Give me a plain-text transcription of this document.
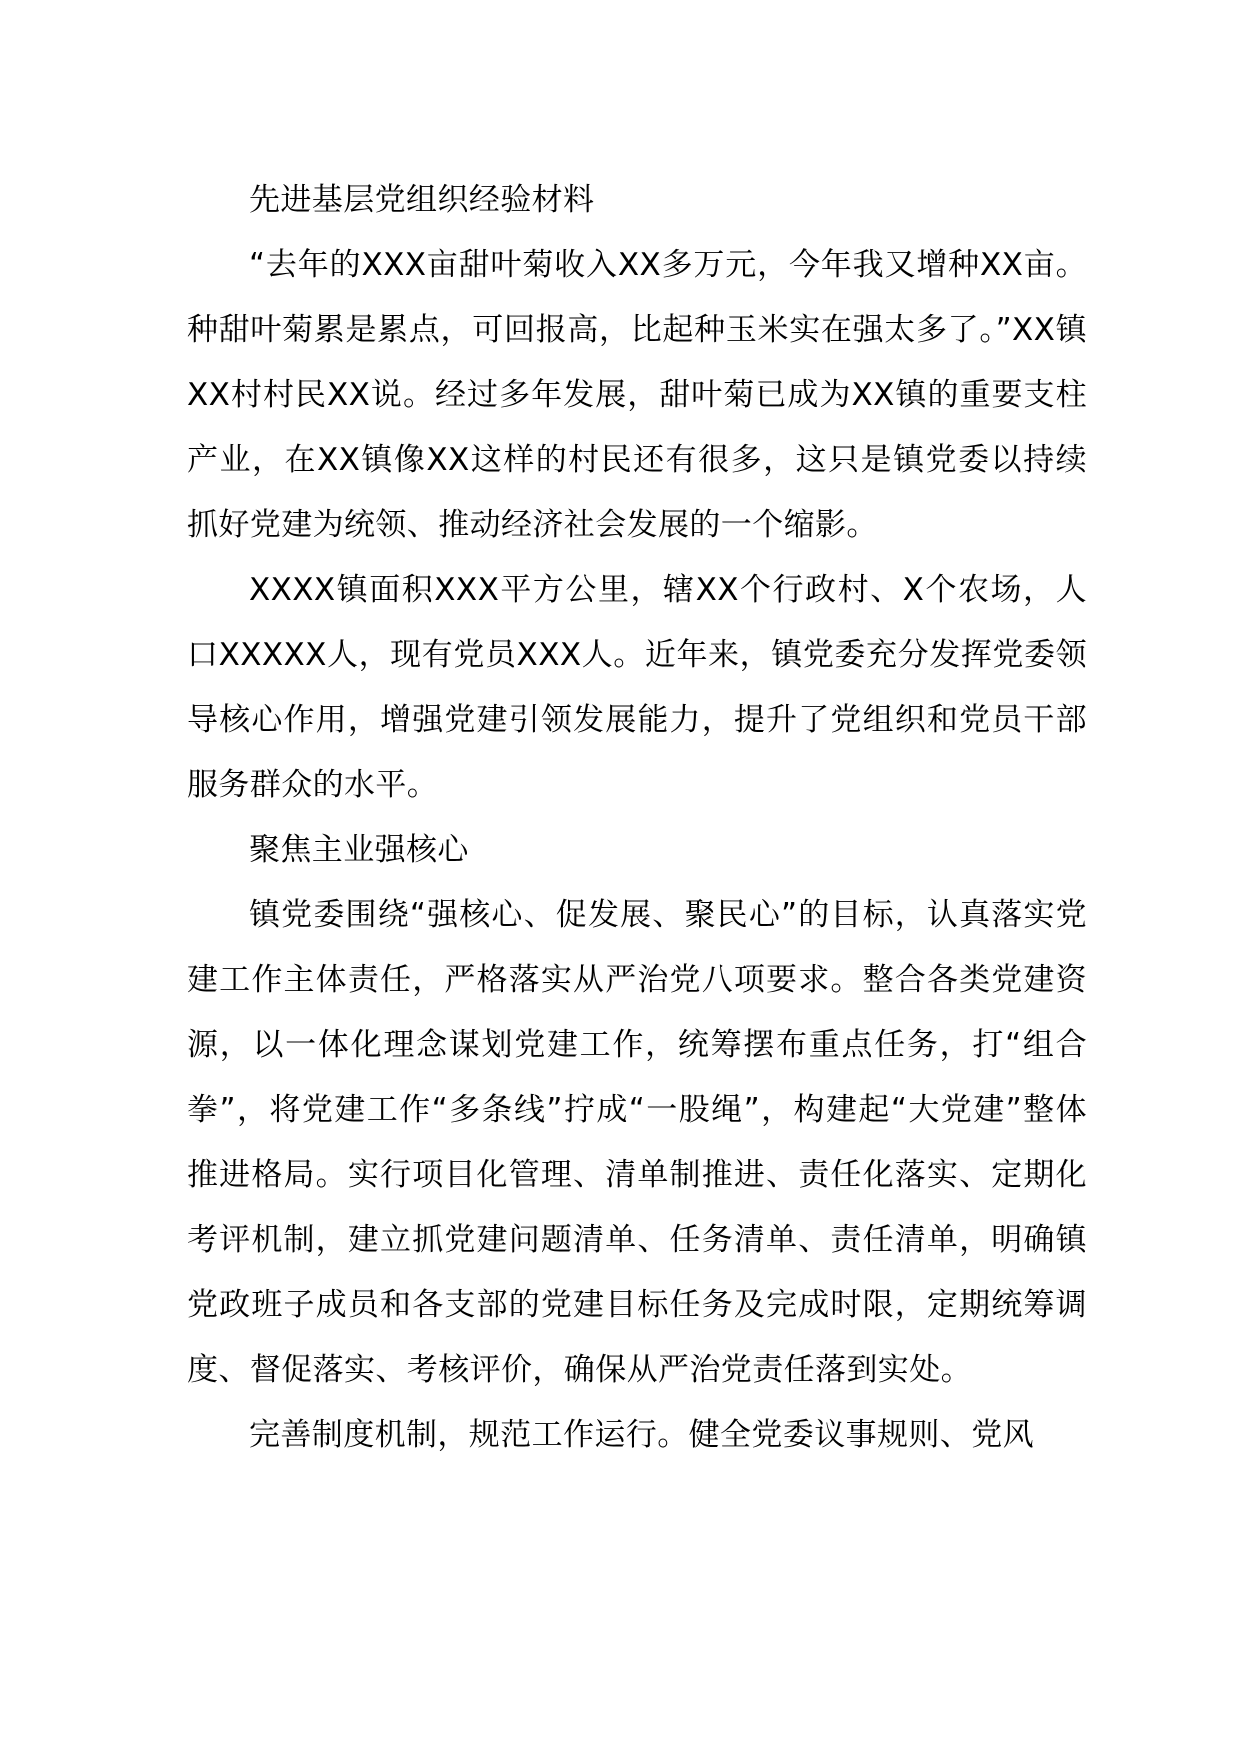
先进基层党组织经验材料

“去年的XXX亩甜叶菊收入XX多万元，今年我又增种XX亩。种甜叶菊累是累点，可回报高，比起种玉米实在强太多了。”XX镇XX村村民XX说。经过多年发展，甜叶菊已成为XX镇的重要支柱产业，在XX镇像XX这样的村民还有很多，这只是镇党委以持续抓好党建为统领、推动经济社会发展的一个缩影。

XXXX镇面积XXX平方公里，辖XX个行政村、X个农场，人口XXXXX人，现有党员XXX人。近年来，镇党委充分发挥党委领导核心作用，增强党建引领发展能力，提升了党组织和党员干部服务群众的水平。

聚焦主业强核心

镇党委围绕“强核心、促发展、聚民心”的目标，认真落实党建工作主体责任，严格落实从严治党八项要求。整合各类党建资源，以一体化理念谋划党建工作，统筹摆布重点任务，打“组合拳”，将党建工作“多条线”拧成“一股绳”，构建起“大党建”整体推进格局。实行项目化管理、清单制推进、责任化落实、定期化考评机制，建立抓党建问题清单、任务清单、责任清单，明确镇党政班子成员和各支部的党建目标任务及完成时限，定期统筹调度、督促落实、考核评价，确保从严治党责任落到实处。

完善制度机制，规范工作运行。健全党委议事规则、党风
